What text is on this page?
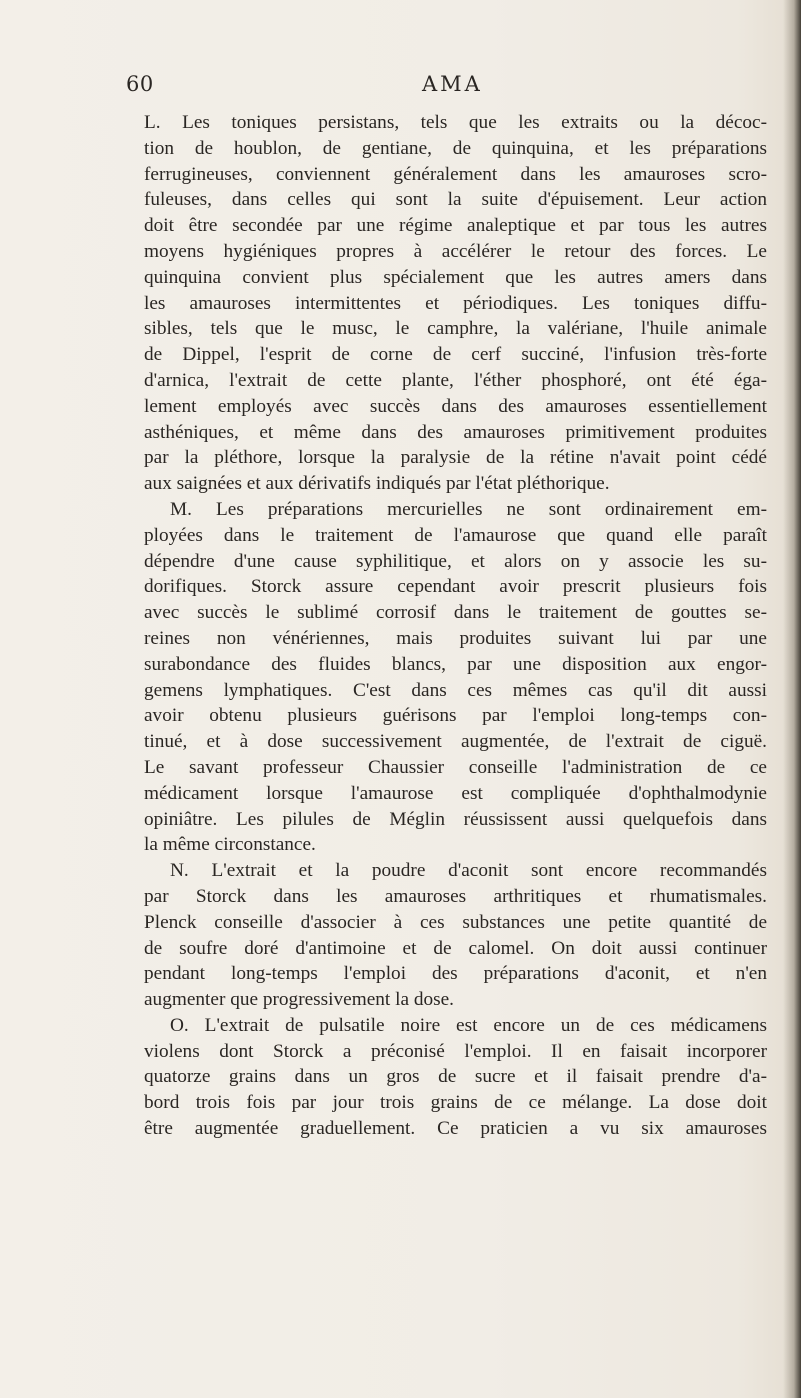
60	AMA
L. Les toniques persistans, tels que les extraits ou la décoc-
tion de houblon, de gentiane, de quinquina, et les préparations
ferrugineuses, conviennent généralement dans les amauroses scro-
fuleuses, dans celles qui sont la suite d'épuisement. Leur action
doit être secondée par une régime analeptique et par tous les autres
moyens hygiéniques propres à accélérer le retour des forces. Le
quinquina convient plus spécialement que les autres amers dans
les amauroses intermittentes et périodiques. Les toniques diffu-
sibles, tels que le musc, le camphre, la valériane, l'huile animale
de Dippel, l'esprit de corne de cerf succiné, l'infusion très-forte
d'arnica, l'extrait de cette plante, l'éther phosphoré, ont été éga-
lement employés avec succès dans des amauroses essentiellement
asthéniques, et même dans des amauroses primitivement produites
par la pléthore, lorsque la paralysie de la rétine n'avait point cédé
aux saignées et aux dérivatifs indiqués par l'état pléthorique.
M. Les préparations mercurielles ne sont ordinairement em-
ployées dans le traitement de l'amaurose que quand elle paraît
dépendre d'une cause syphilitique, et alors on y associe les su-
dorifiques. Storck assure cependant avoir prescrit plusieurs fois
avec succès le sublimé corrosif dans le traitement de gouttes se-
reines non vénériennes, mais produites suivant lui par une
surabondance des fluides blancs, par une disposition aux engor-
gemens lymphatiques. C'est dans ces mêmes cas qu'il dit aussi
avoir obtenu plusieurs guérisons par l'emploi long-temps con-
tinué, et à dose successivement augmentée, de l'extrait de ciguë.
Le savant professeur Chaussier conseille l'administration de ce
médicament lorsque l'amaurose est compliquée d'ophthalmodynie
opiniâtre. Les pilules de Méglin réussissent aussi quelquefois dans
la même circonstance.
N. L'extrait et la poudre d'aconit sont encore recommandés
par Storck dans les amauroses arthritiques et rhumatismales.
Plenck conseille d'associer à ces substances une petite quantité de
de soufre doré d'antimoine et de calomel. On doit aussi continuer
pendant long-temps l'emploi des préparations d'aconit, et n'en
augmenter que progressivement la dose.
O. L'extrait de pulsatile noire est encore un de ces médicamens
violens dont Storck a préconisé l'emploi. Il en faisait incorporer
quatorze grains dans un gros de sucre et il faisait prendre d'a-
bord trois fois par jour trois grains de ce mélange. La dose doit
être augmentée graduellement. Ce praticien a vu six amauroses
